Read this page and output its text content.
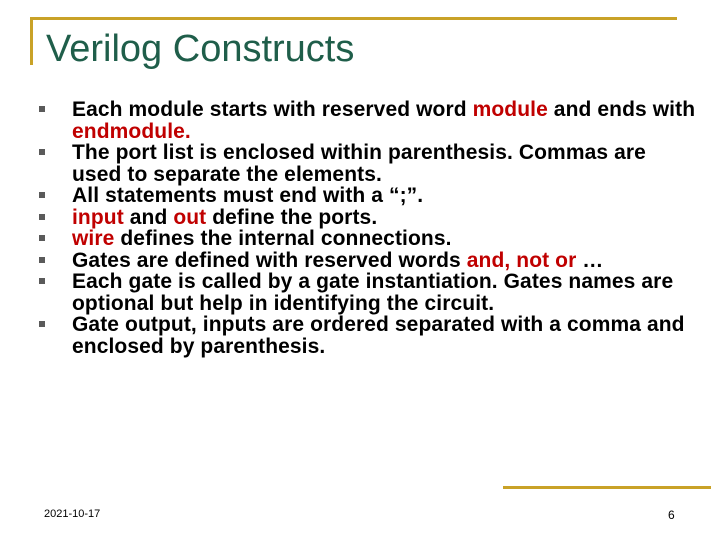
Verilog Constructs
Each module starts with reserved word module and ends with endmodule.
The port list is enclosed within parenthesis. Commas are used to separate the elements.
All statements must end with a “;”.
input and out define the ports.
wire defines the internal connections.
Gates are defined with reserved words and, not or …
Each gate is called by a gate instantiation. Gates names are optional but help in identifying the circuit.
Gate output, inputs are ordered separated with a comma and enclosed by parenthesis.
2021-10-17	6
